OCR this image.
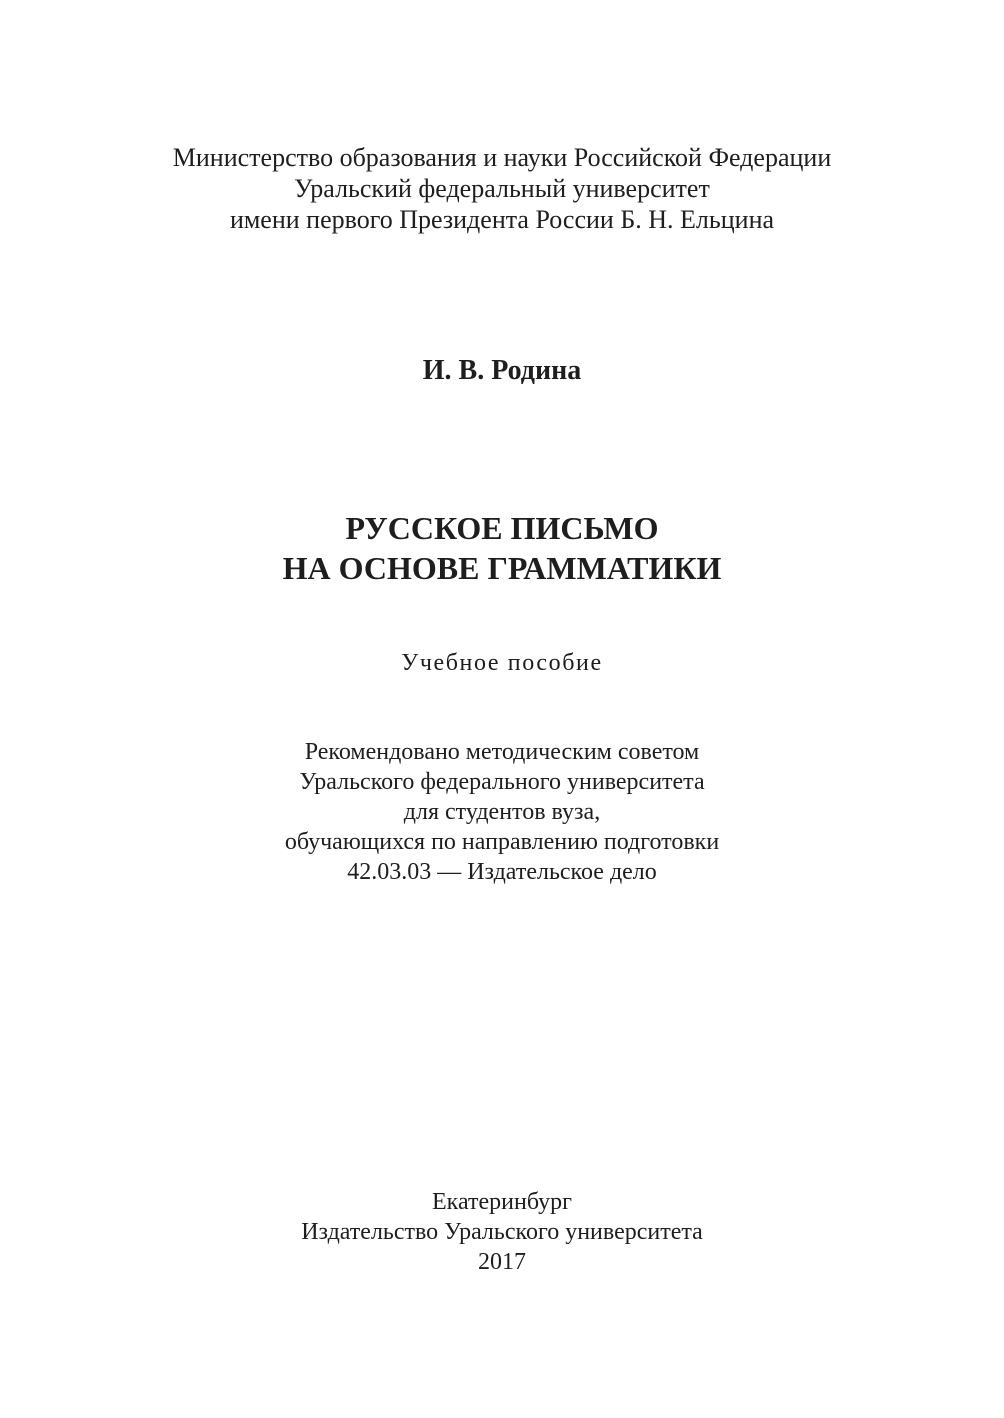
Министерство образования и науки Российской Федерации
Уральский федеральный университет
имени первого Президента России Б. Н. Ельцина
И. В. Родина
РУССКОЕ ПИСЬМО
НА ОСНОВЕ ГРАММАТИКИ
Учебное пособие
Рекомендовано методическим советом
Уральского федерального университета
для студентов вуза,
обучающихся по направлению подготовки
42.03.03 — Издательское дело
Екатеринбург
Издательство Уральского университета
2017
